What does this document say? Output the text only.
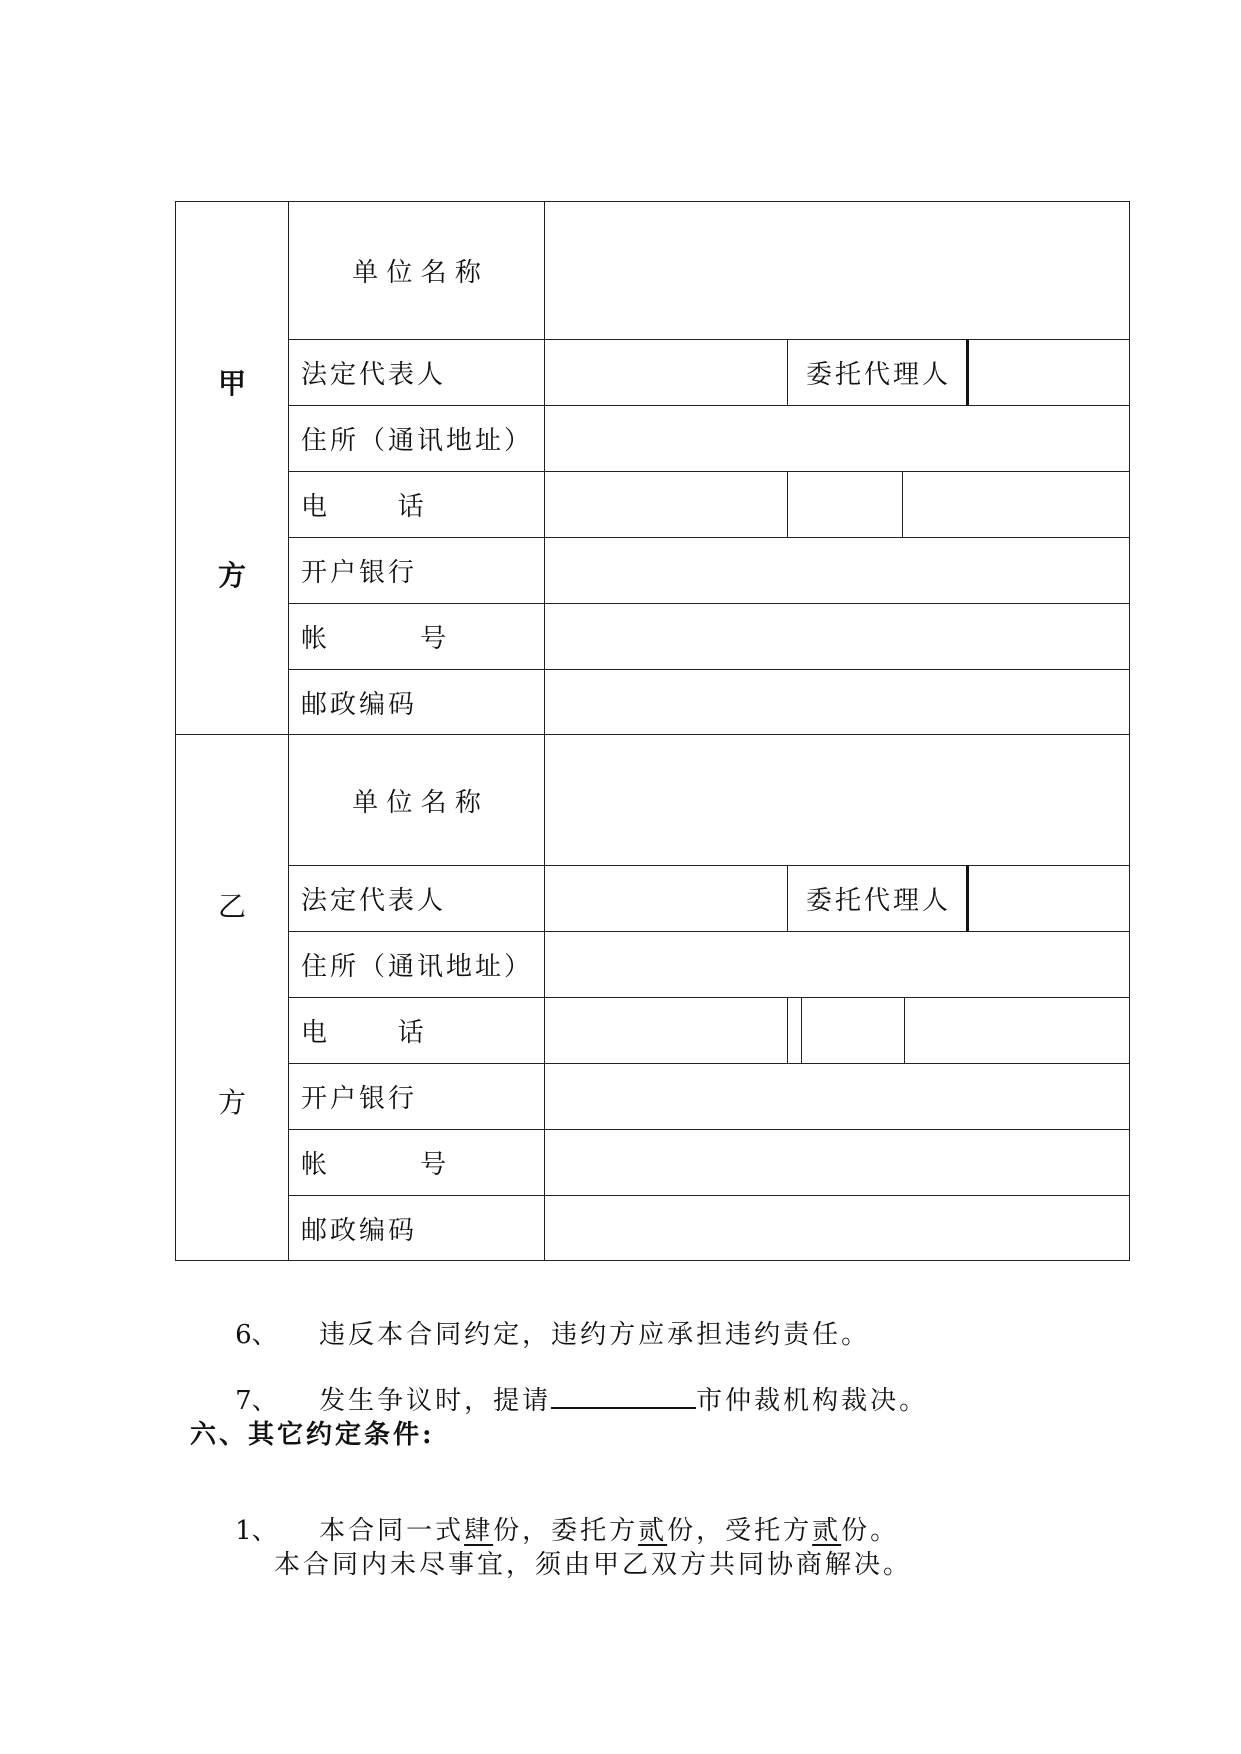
甲
方	单 位 名 称			
	法定代表人		委托代理人	
	住所（通讯地址）			
	电      话			

	开户银行			
	帐        号			
	邮政编码			
乙
方	单 位 名 称			
	法定代表人		委托代理人	
	住所（通讯地址）			
	电      话			

	开户银行			
	帐        号			
	邮政编码			

6、 违反本合同约定，违约方应承担违约责任。

7、 发生争议时，提请	市仲裁机构裁决。

六、其它约定条件:

1、 本合同一式肆份，委托方贰份，受托方贰份。

本合同内未尽事宜，须由甲乙双方共同协商解决。
